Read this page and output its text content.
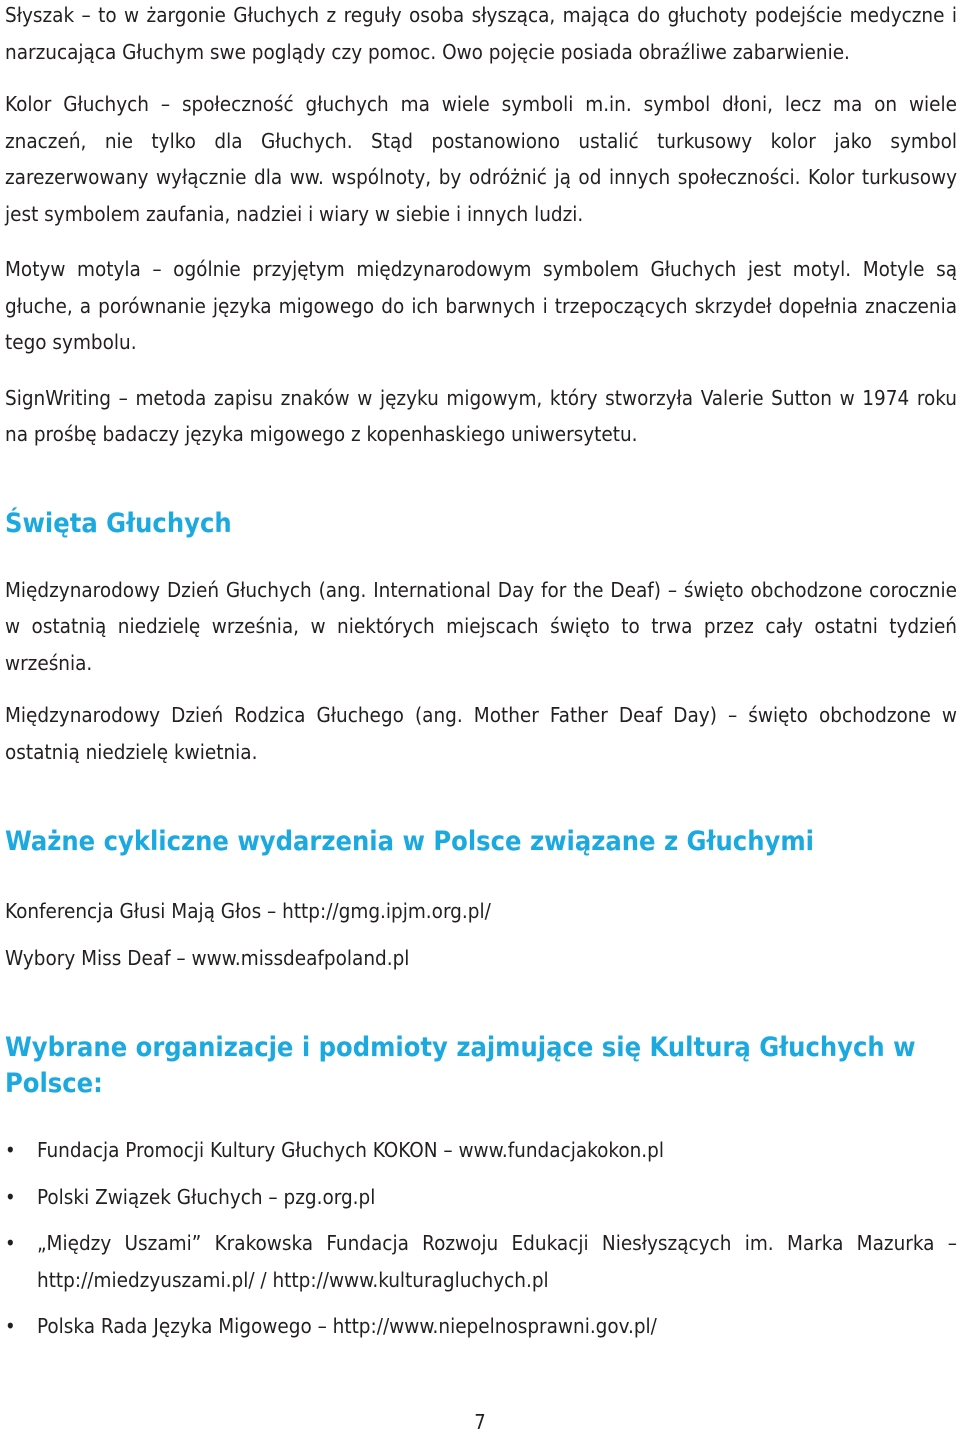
Słyszak – to w żargonie Głuchych z reguły osoba słysząca, mająca do głuchoty podejście medyczne i narzucająca Głuchym swe poglądy czy pomoc. Owo pojęcie posiada obraźliwe zabarwienie.

Kolor Głuchych – społeczność głuchych ma wiele symboli m.in. symbol dłoni, lecz ma on wiele znaczeń, nie tylko dla Głuchych. Stąd postanowiono ustalić turkusowy kolor jako symbol zarezerwowany wyłącznie dla ww. wspólnoty, by odróżnić ją od innych społeczności. Kolor turkusowy jest symbolem zaufania, nadziei i wiary w siebie i innych ludzi.

Motyw motyla – ogólnie przyjętym międzynarodowym symbolem Głuchych jest motyl. Motyle są głuche, a porównanie języka migowego do ich barwnych i trzepoczących skrzydeł dopełnia znaczenia tego symbolu.

SignWriting – metoda zapisu znaków w języku migowym, który stworzyła Valerie Sutton w 1974 roku na prośbę badaczy języka migowego z kopenhaskiego uniwersytetu.

Święta Głuchych

Międzynarodowy Dzień Głuchych (ang. International Day for the Deaf) – święto obchodzone corocznie w ostatnią niedzielę września, w niektórych miejscach święto to trwa przez cały ostatni tydzień września.

Międzynarodowy Dzień Rodzica Głuchego (ang. Mother Father Deaf Day) – święto obchodzone w ostatnią niedzielę kwietnia.

Ważne cykliczne wydarzenia w Polsce związane z Głuchymi

Konferencja Głusi Mają Głos – http://gmg.ipjm.org.pl/

Wybory Miss Deaf – www.missdeafpoland.pl

Wybrane organizacje i podmioty zajmujące się Kulturą Głuchych w Polsce:
• Fundacja Promocji Kultury Głuchych KOKON – www.fundacjakokon.pl
• Polski Związek Głuchych – pzg.org.pl
• „Między Uszami” Krakowska Fundacja Rozwoju Edukacji Niesłyszących im. Marka Mazurka – http://miedzyuszami.pl/ / http://www.kulturagluchych.pl
• Polska Rada Języka Migowego – http://www.niepelnosprawni.gov.pl/
7
